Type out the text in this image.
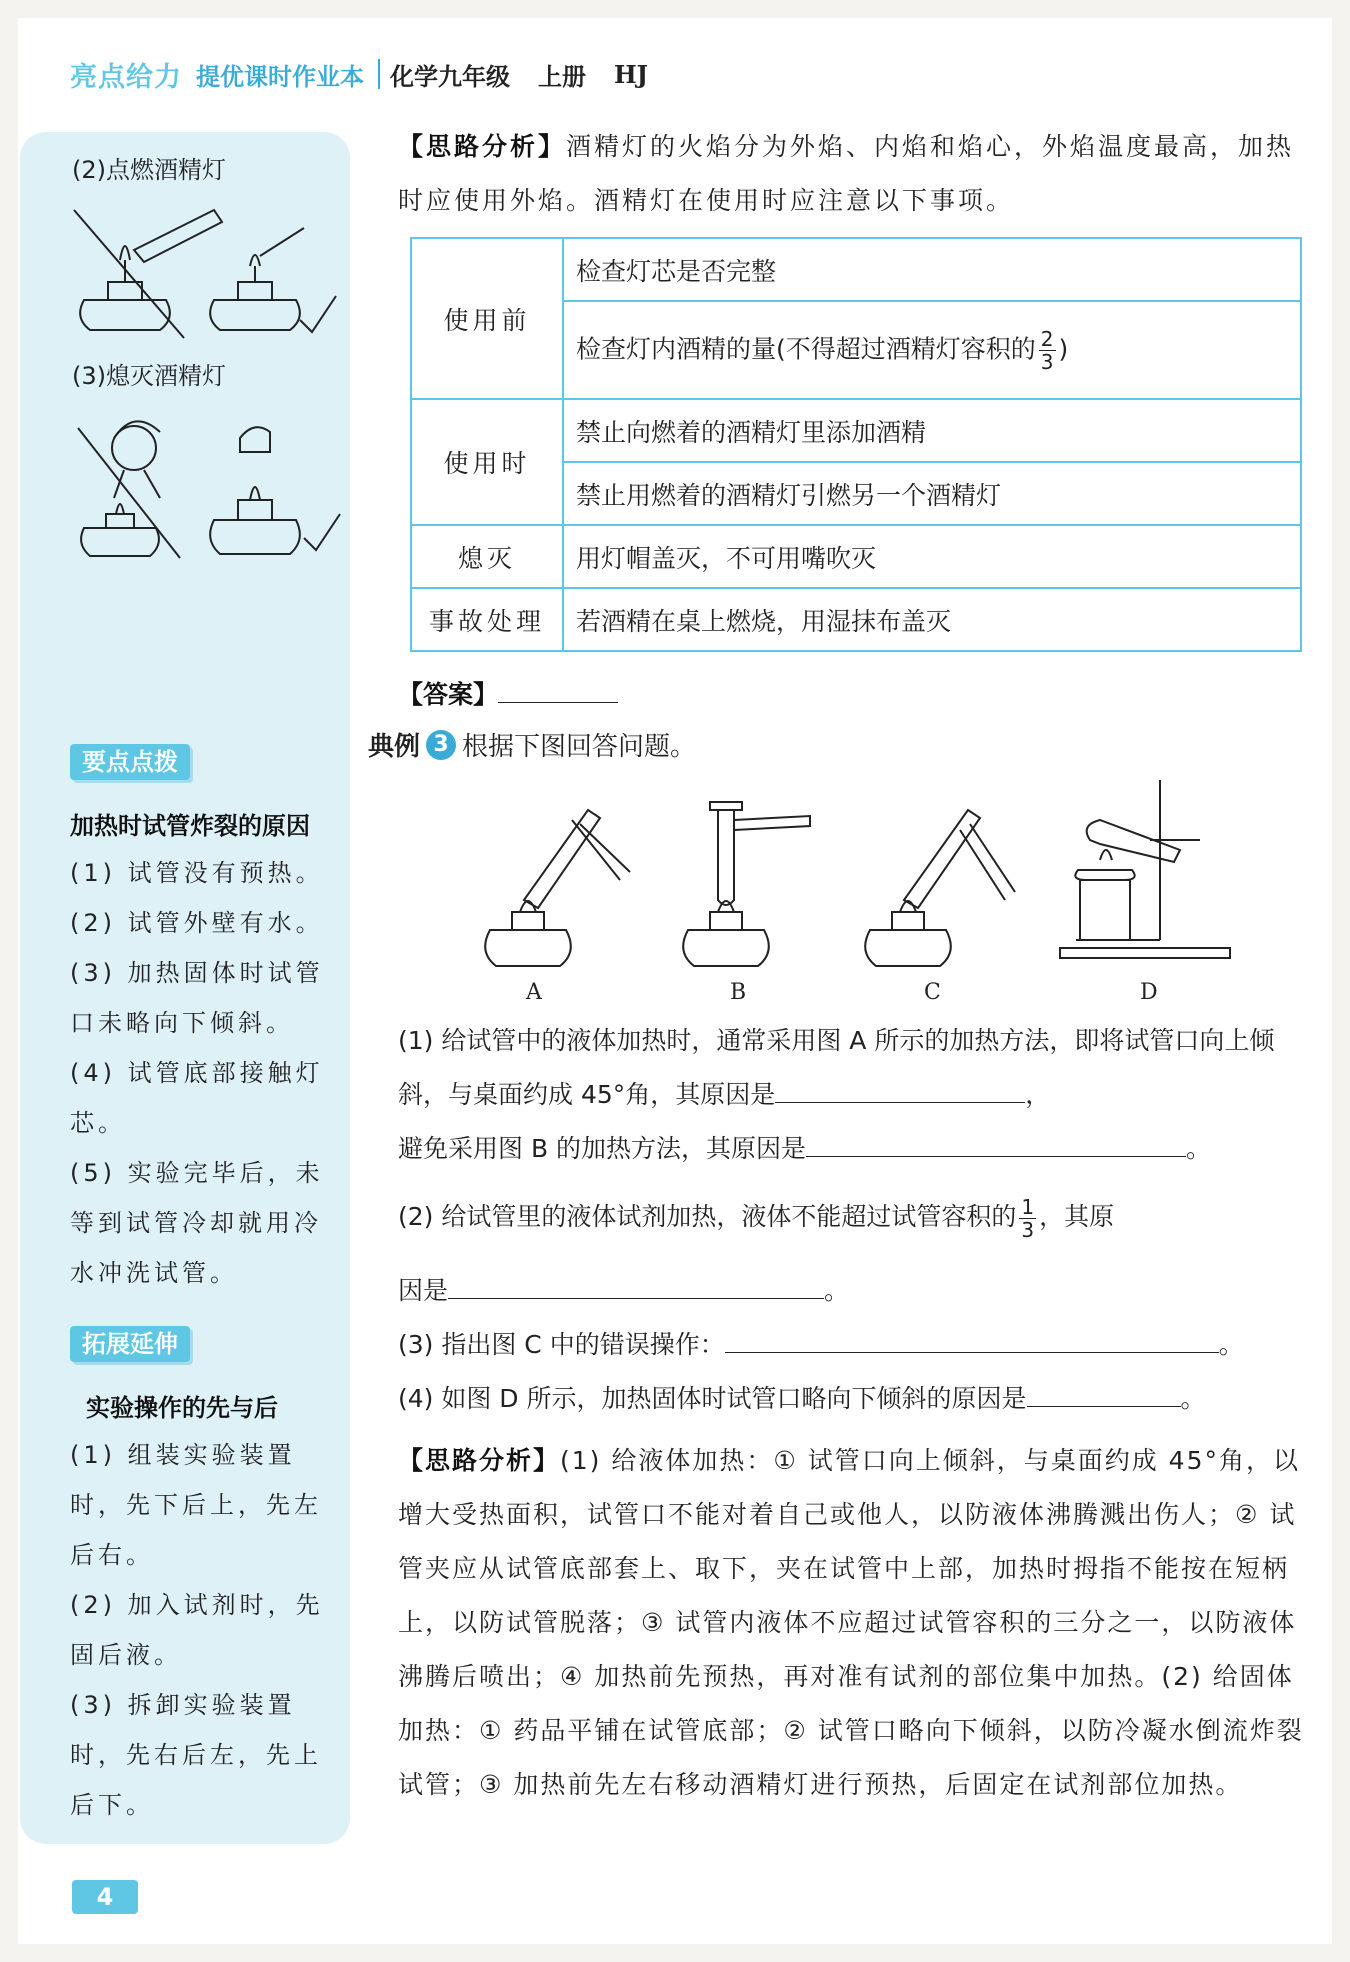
亮点给力 提优课时作业本 化学九年级 上册 HJ
(2)点燃酒精灯
(3)熄灭酒精灯
要点点拨
加热时试管炸裂的原因
(1) 试管没有预热。
(2) 试管外壁有水。
(3) 加热固体时试管口未略向下倾斜。
(4) 试管底部接触灯芯。
(5) 实验完毕后，未等到试管冷却就用冷水冲洗试管。
拓展延伸
实验操作的先与后
(1) 组装实验装置时，先下后上，先左后右。
(2) 加入试剂时，先固后液。
(3) 拆卸实验装置时，先右后左，先上后下。
【思路分析】酒精灯的火焰分为外焰、内焰和焰心，外焰温度最高，加热时应使用外焰。酒精灯在使用时应注意以下事项。
使用前	检查灯芯是否完整
	检查灯内酒精的量(不得超过酒精灯容积的 $\frac{2}{3}$ )
使用时	禁止向燃着的酒精灯里添加酒精
	禁止用燃着的酒精灯引燃另一个酒精灯
熄灭	用灯帽盖灭，不可用嘴吹灭
事故处理	若酒精在桌上燃烧，用湿抹布盖灭
【答案】
典例 3 根据下图回答问题。
A	B	C	D
(1) 给试管中的液体加热时，通常采用图 A 所示的加热方法，即将试管口向上倾斜，与桌面约成 45°角，其原因是	，
避免采用图 B 的加热方法，其原因是	。
(2) 给试管里的液体试剂加热，液体不能超过试管容积的 $\frac{1}{3}$ ，其原
因是	。
(3) 指出图 C 中的错误操作：	。
(4) 如图 D 所示，加热固体时试管口略向下倾斜的原因是	。
【思路分析】(1) 给液体加热：① 试管口向上倾斜，与桌面约成 45°角，以增大受热面积，试管口不能对着自己或他人，以防液体沸腾溅出伤人；② 试管夹应从试管底部套上、取下，夹在试管中上部，加热时拇指不能按在短柄上，以防试管脱落；③ 试管内液体不应超过试管容积的三分之一，以防液体沸腾后喷出；④ 加热前先预热，再对准有试剂的部位集中加热。(2) 给固体加热：① 药品平铺在试管底部；② 试管口略向下倾斜，以防冷凝水倒流炸裂试管；③ 加热前先左右移动酒精灯进行预热，后固定在试剂部位加热。
4
